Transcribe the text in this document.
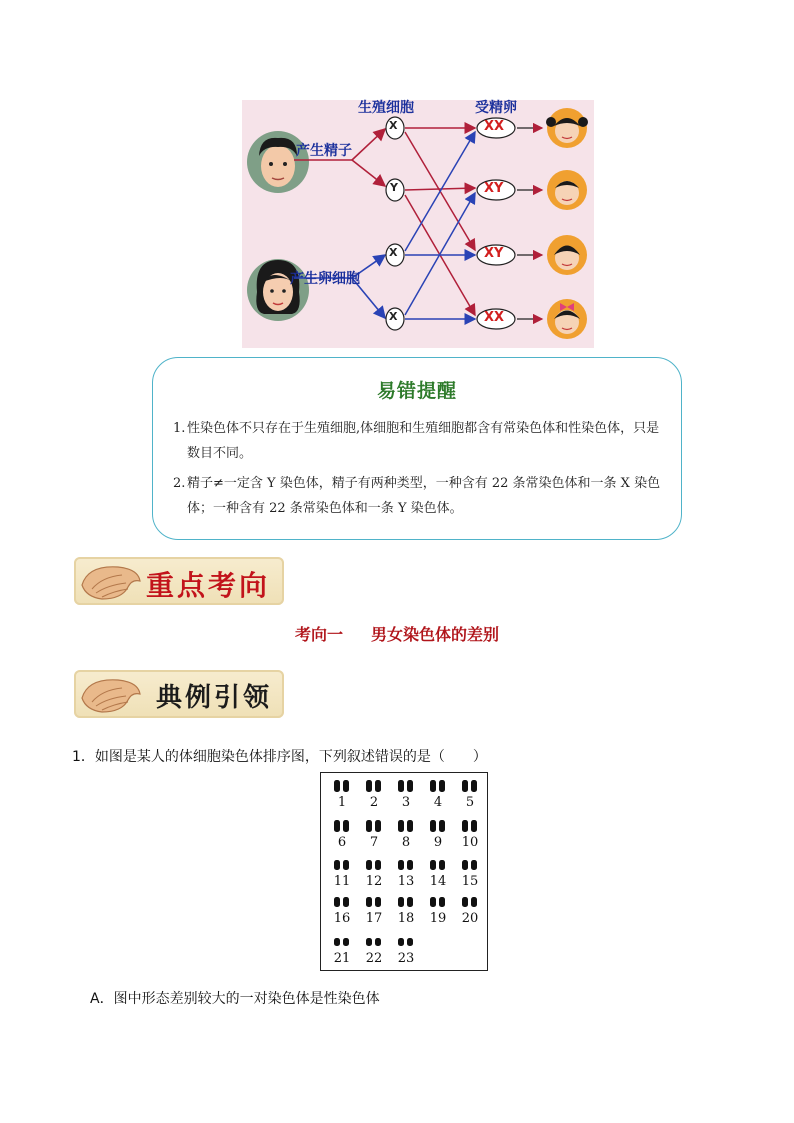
生殖细胞	受精卵
产生精子
产生卵细胞
X
Y
X
X
XX
XY
XY
XX
易错提醒
1. 性染色体不只存在于生殖细胞,体细胞和生殖细胞都含有常染色体和性染色体，只是数目不同。
2. 精子≠一定含 Y 染色体，精子有两种类型，一种含有 22 条常染色体和一条 X 染色体；一种含有 22 条常染色体和一条 Y 染色体。
重点考向
考向一 男女染色体的差别
典例引领
1．如图是某人的体细胞染色体排序图，下列叙述错误的是（　　）
1	2	3	4	5
6	7	8	9	10
11	12	13	14	15
16	17	18	19	20
21	22	23
A．图中形态差别较大的一对染色体是性染色体
